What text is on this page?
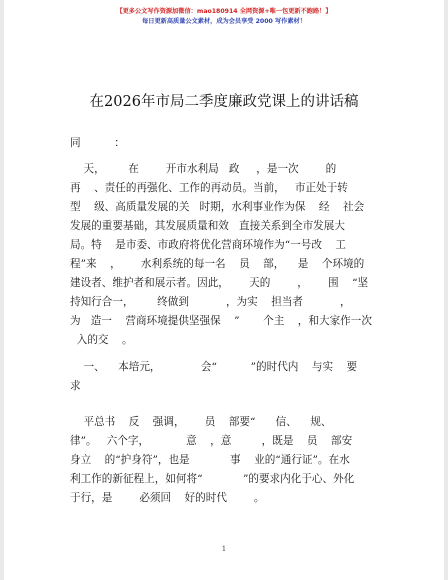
【更多公文写作资源加微信：mao180914 全网资源+唯一包更新不跑路！】
每日更新高质量公文素材，成为会员享受 2000 写作素材！
在2026年市局二季度廉政党课上的讲话稿
同          ：
天，       在        开市水利局   政     ，是一次        的
再    、责任的再强化、工作的再动员。当前，   市正处于转
型    级、高质量发展的关   时期，水利事业作为保    经    社会
发展的重要基础，其发展质量和效   直接关系到全市发展大
局。特    是市委、市政府将优化营商环境作为“一号改    工
程”来    ，      水利系统的每一名    员    部，    是    个环境的
建设者、维护者和展示者。因此，      天的        ，      围    “坚
持知行合一，       终做到           ，为实    担当者           ，
为   造一    营商环境提供坚强保    ”       个主    ，和大家作一次
入的交    。
一、    本培元，            会“          ”的时代内    与实    要
求
平总书    反    强调，      员    部要“      信、    规、
律”。   六个字，           意    ，意         ，既是    员    部安
身立    的“护身符”，也是            事    业的“通行证”。在水
利工作的新征程上，如何将“            ”的要求内化于心、外化
于行，是        必须回    好的时代        。
1
